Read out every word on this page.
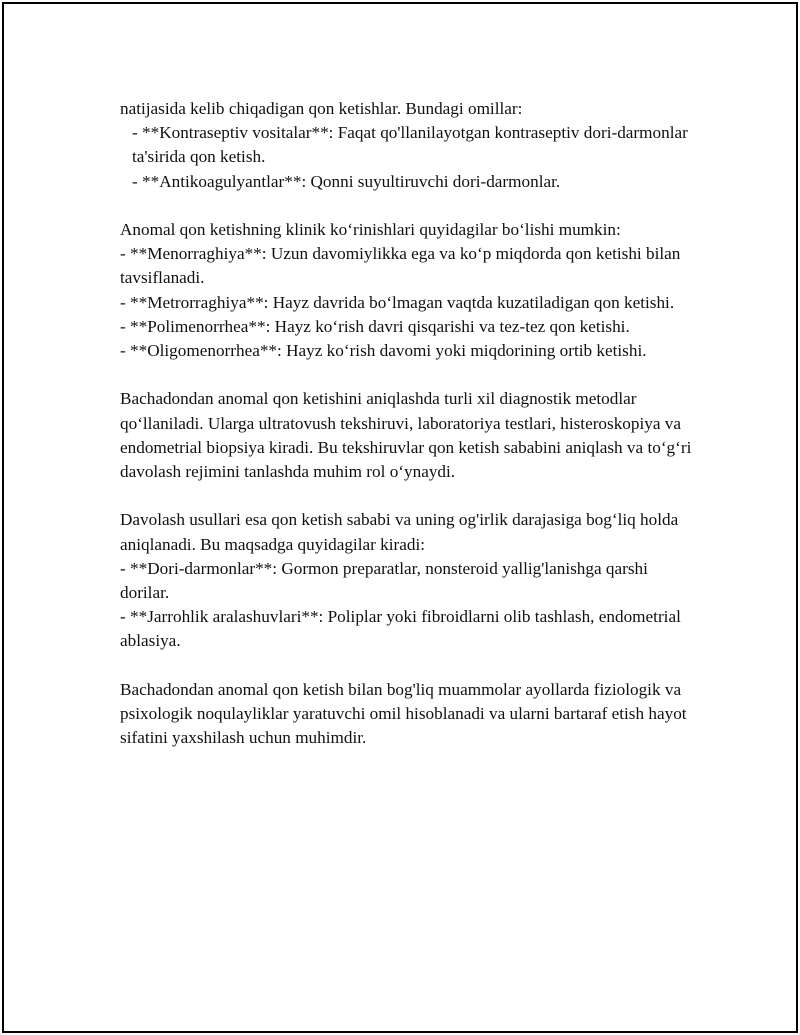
natijasida kelib chiqadigan qon ketishlar. Bundagi omillar:

- **Kontraseptiv vositalar**: Faqat qo'llanilayotgan kontraseptiv dori-darmonlar ta'sirida qon ketish.

- **Antikoagulyantlar**: Qonni suyultiruvchi dori-darmonlar.

Anomal qon ketishning klinik ko‘rinishlari quyidagilar bo‘lishi mumkin:

- **Menorraghiya**: Uzun davomiylikka ega va ko‘p miqdorda qon ketishi bilan tavsiflanadi.

- **Metrorraghiya**: Hayz davrida bo‘lmagan vaqtda kuzatiladigan qon ketishi.

- **Polimenorrhea**: Hayz ko‘rish davri qisqarishi va tez-tez qon ketishi.

- **Oligomenorrhea**: Hayz ko‘rish davomi yoki miqdorining ortib ketishi.

Bachadondan anomal qon ketishini aniqlashda turli xil diagnostik metodlar qo‘llaniladi. Ularga ultratovush tekshiruvi, laboratoriya testlari, histeroskopiya va endometrial biopsiya kiradi. Bu tekshiruvlar qon ketish sababini aniqlash va to‘g‘ri davolash rejimini tanlashda muhim rol o‘ynaydi.

Davolash usullari esa qon ketish sababi va uning og'irlik darajasiga bog‘liq holda aniqlanadi. Bu maqsadga quyidagilar kiradi:

- **Dori-darmonlar**: Gormon preparatlar, nonsteroid yallig'lanishga qarshi dorilar.

- **Jarrohlik aralashuvlari**: Poliplar yoki fibroidlarni olib tashlash, endometrial ablasiya.

Bachadondan anomal qon ketish bilan bog'liq muammolar ayollarda fiziologik va psixologik noqulayliklar yaratuvchi omil hisoblanadi va ularni bartaraf etish hayot sifatini yaxshilash uchun muhimdir.
